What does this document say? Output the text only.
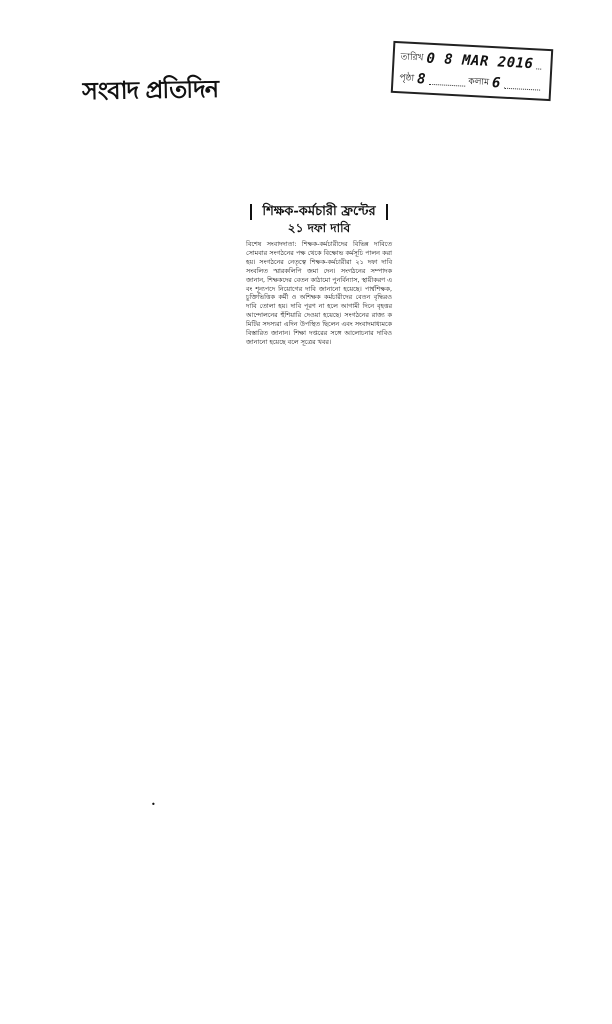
সংবাদ প্রতিদিন
তারিখ 0 8 MAR 2016
পৃষ্ঠা 8	কলাম 6
শিক্ষক-কর্মচারী ফ্রন্টের
২১ দফা দাবি
বিশেষ সংবাদদাতা: শিক্ষক-কর্মচারীদের বিভিন্ন দাবিতে সোমবার সংগঠনের পক্ষ থেকে বিক্ষোভ কর্মসূচি পালন করা হয়। সংগঠনের নেতৃত্বে শিক্ষক-কর্মচারীরা ২১ দফা দাবি সংবলিত স্মারকলিপি জমা দেন। সংগঠনের সম্পাদক জানান, শিক্ষকদের বেতন কাঠামো পুনর্বিন্যাস, স্থায়ীকরণ এবং শূন্যপদে নিয়োগের দাবি জানানো হয়েছে। পার্শ্বশিক্ষক, চুক্তিভিত্তিক কর্মী ও অশিক্ষক কর্মচারীদের বেতন বৃদ্ধিরও দাবি তোলা হয়। দাবি পূরণ না হলে আগামী দিনে বৃহত্তর আন্দোলনের হুঁশিয়ারি দেওয়া হয়েছে। সংগঠনের রাজ্য কমিটির সদস্যরা এদিন উপস্থিত ছিলেন এবং সংবাদমাধ্যমকে বিস্তারিত জানান। শিক্ষা দপ্তরের সঙ্গে আলোচনার দাবিও জানানো হয়েছে বলে সূত্রের খবর।
•
